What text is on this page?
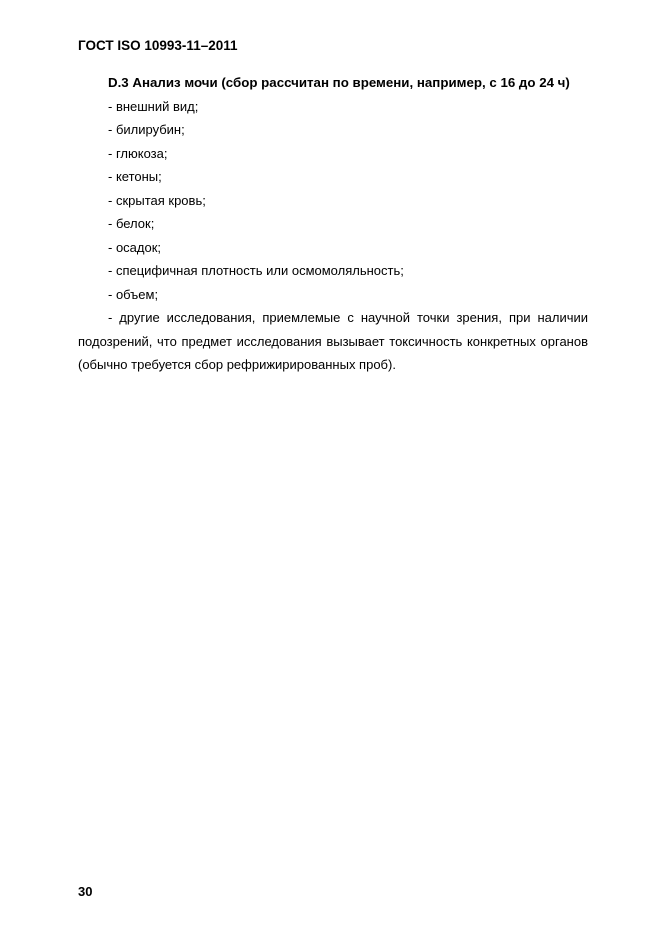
ГОСТ ISO 10993-11–2011
D.3 Анализ мочи (сбор рассчитан по времени, например, с 16 до 24 ч)
- внешний вид;
- билирубин;
- глюкоза;
- кетоны;
- скрытая кровь;
- белок;
- осадок;
- специфичная плотность или осмомоляльность;
- объем;
- другие исследования, приемлемые с научной точки зрения, при наличии
подозрений, что предмет исследования вызывает токсичность конкретных органов
(обычно требуется сбор рефрижирированных проб).
30
